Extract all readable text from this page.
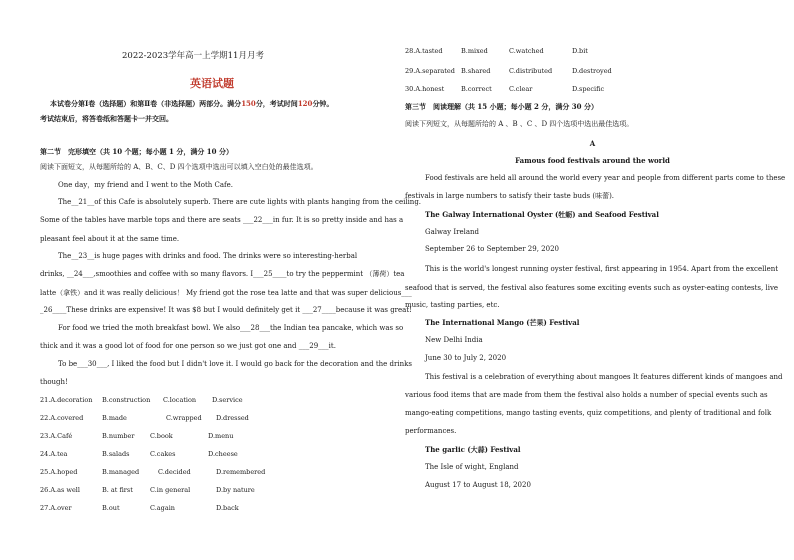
2022-2023学年高一上学期11月月考
英语试题
本试卷分第Ⅰ卷（选择题）和第Ⅱ卷（非选择题）两部分。满分150分，考试时间120分钟。
考试结束后，将答卷纸和答题卡一并交回。
第二节　完形填空（共 10 个题；每小题 1 分，满分 10 分）
阅读下面短文，从每题所给的 A、B、C、D 四个选项中选出可以填入空白处的最佳选项。
One day，my friend and I went to the Moth Cafe.
The__21__of this Cafe is absolutely superb. There are cute lights with plants hanging from the ceiling.
Some of the tables have marble tops and there are seats ___22___in fur. It is so pretty inside and has a
pleasant feel about it at the same time.
The__23__is huge pages with drinks and food. The drinks were so interesting-herbal
drinks, __24___,smoothies and coffee with so many flavors. I___25____to try the peppermint （薄荷）tea
latte（拿铁）and it was really delicious！ My friend got the rose tea latte and that was super delicious___
_26____These drinks are expensive! It was $8 but I would definitely get it ___27____because it was great!
For food we tried the moth breakfast bowl. We also___28___the Indian tea pancake, which was so
thick and it was a good lot of food for one person so we just got one and ___29___it.
To be___30___, I liked the food but I didn't love it. I would go back for the decoration and the drinks
though!
21.A.decoration B.construction C.location D.service
22.A.covered	B.made	C.wrapped D.dressed
23.A.Café	B.number C.book	D.menu
24.A.tea	B.salads	C.cakes	D.cheese
25.A.hoped	B.managed	C.decided	D.remembered
26.A.as well	B. at first	C.in general	D.by nature
27.A.over	B.out	C.again	D.back
28.A.tasted	B.mixed	C.watched	D.bit
29.A.separated B.shared	C.distributed	D.destroyed
30.A.honest	B.correct	C.clear	D.specific
第三节　阅读理解（共 15 小题；每小题 2 分，满分 30 分）
阅读下列短文，从每题所给的 A 、B 、C 、D 四个选项中选出最佳选项。
A
Famous food festivals around the world
Food festivals are held all around the world every year and people from different parts come to these
festivals in large numbers to satisfy their taste buds (味蕾).
The Galway International Oyster (牡蛎) and Seafood Festival
Galway Ireland
September 26 to September 29, 2020
This is the world's longest running oyster festival, first appearing in 1954. Apart from the excellent
seafood that is served, the festival also features some exciting events such as oyster-eating contests, live
music, tasting parties, etc.
The International Mango (芒果) Festival
New Delhi India
June 30 to July 2, 2020
This festival is a celebration of everything about mangoes It features different kinds of mangoes and
various food items that are made from them the festival also holds a number of special events such as
mango-eating competitions, mango tasting events, quiz competitions, and plenty of traditional and folk
performances.
The garlic (大蒜) Festival
The Isle of wight, England
August 17 to August 18, 2020
